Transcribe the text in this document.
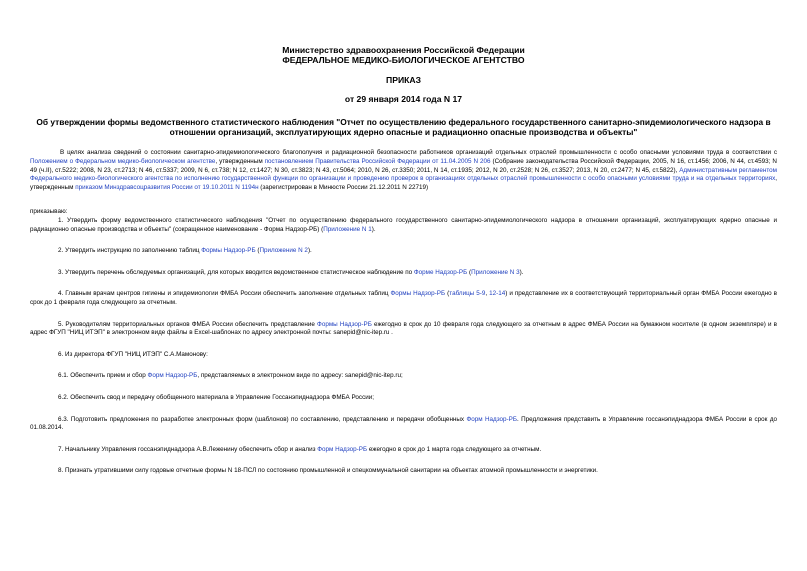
Министерство здравоохранения Российской Федерации
ФЕДЕРАЛЬНОЕ МЕДИКО-БИОЛОГИЧЕСКОЕ АГЕНТСТВО
ПРИКАЗ
от 29 января 2014 года N 17
Об утверждении формы ведомственного статистического наблюдения "Отчет по осуществлению федерального государственного санитарно-эпидемиологического надзора в отношении организаций, эксплуатирующих ядерно опасные и радиационно опасные производства и объекты"

В целях анализа сведений о состоянии санитарно-эпидемиологического благополучия и радиационной безопасности работников организаций отдельных отраслей промышленности с особо опасными условиями труда в соответствии с Положением о Федеральном медико-биологическом агентстве, утвержденным постановлением Правительства Российской Федерации от 11.04.2005 N 206 (Собрание законодательства Российской Федерации, 2005, N 16, ст.1456; 2006, N 44, ст.4593; N 49 (ч.II), ст.5222; 2008, N 23, ст.2713; N 46, ст.5337; 2009, N 6, ст.738; N 12, ст.1427; N 30, ст.3823; N 43, ст.5064; 2010, N 26, ст.3350; 2011, N 14, ст.1935; 2012, N 20, ст.2528; N 26, ст.3527; 2013, N 20, ст.2477; N 45, ст.5822), Административным регламентом Федерального медико-биологического агентства по исполнению государственной функции по организации и проведению проверок в организациях отдельных отраслей промышленности с особо опасными условиями труда и на отдельных территориях, утвержденным приказом Минздравсоцразвития России от 19.10.2011 N 1194н (зарегистрирован в Минюсте России 21.12.2011 N 22719)

приказываю:

1. Утвердить форму ведомственного статистического наблюдения "Отчет по осуществлению федерального государственного санитарно-эпидемиологического надзора в отношении организаций, эксплуатирующих ядерно опасные и радиационно опасные производства и объекты" (сокращенное наименование - Форма Надзор-РБ) (Приложение N 1).

2. Утвердить инструкцию по заполнению таблиц Формы Надзор-РБ (Приложение N 2).

3. Утвердить перечень обследуемых организаций, для которых вводится ведомственное статистическое наблюдение по Форме Надзор-РБ (Приложение N 3).

4. Главным врачам центров гигиены и эпидемиологии ФМБА России обеспечить заполнение отдельных таблиц Формы Надзор-РБ (таблицы 5-9, 12-14) и представление их в соответствующий территориальный орган ФМБА России ежегодно в срок до 1 февраля года следующего за отчетным.

5. Руководителям территориальных органов ФМБА России обеспечить представление Формы Надзор-РБ ежегодно в срок до 10 февраля года следующего за отчетным в адрес ФМБА России на бумажном носителе (в одном экземпляре) и в адрес ФГУП "НИЦ ИТЭП" в электронном виде файлы в Excel-шаблонах по адресу электронной почты: sanepid@nic-itep.ru .

6. Из директора ФГУП "НИЦ ИТЭП" С.А.Мамонову:

6.1. Обеспечить прием и сбор Форм Надзор-РБ, представляемых в электронном виде по адресу: sanepid@nic-itep.ru;

6.2. Обеспечить свод и передачу обобщенного материала в Управление Госсанэпиднадзора ФМБА России;

6.3. Подготовить предложения по разработке электронных форм (шаблонов) по составлению, представлению и передачи обобщенных Форм Надзор-РБ. Предложения представить в Управление госсанэпиднадзора ФМБА России в срок до 01.08.2014.

7. Начальнику Управления госсанэпиднадзора А.В.Леженину обеспечить сбор и анализ Форм Надзор-РБ ежегодно в срок до 1 марта года следующего за отчетным.

8. Признать утратившими силу годовые отчетные формы N 18-ПСЛ по состоянию промышленной и спецкоммунальной санитарии на объектах атомной промышленности и энергетики.
